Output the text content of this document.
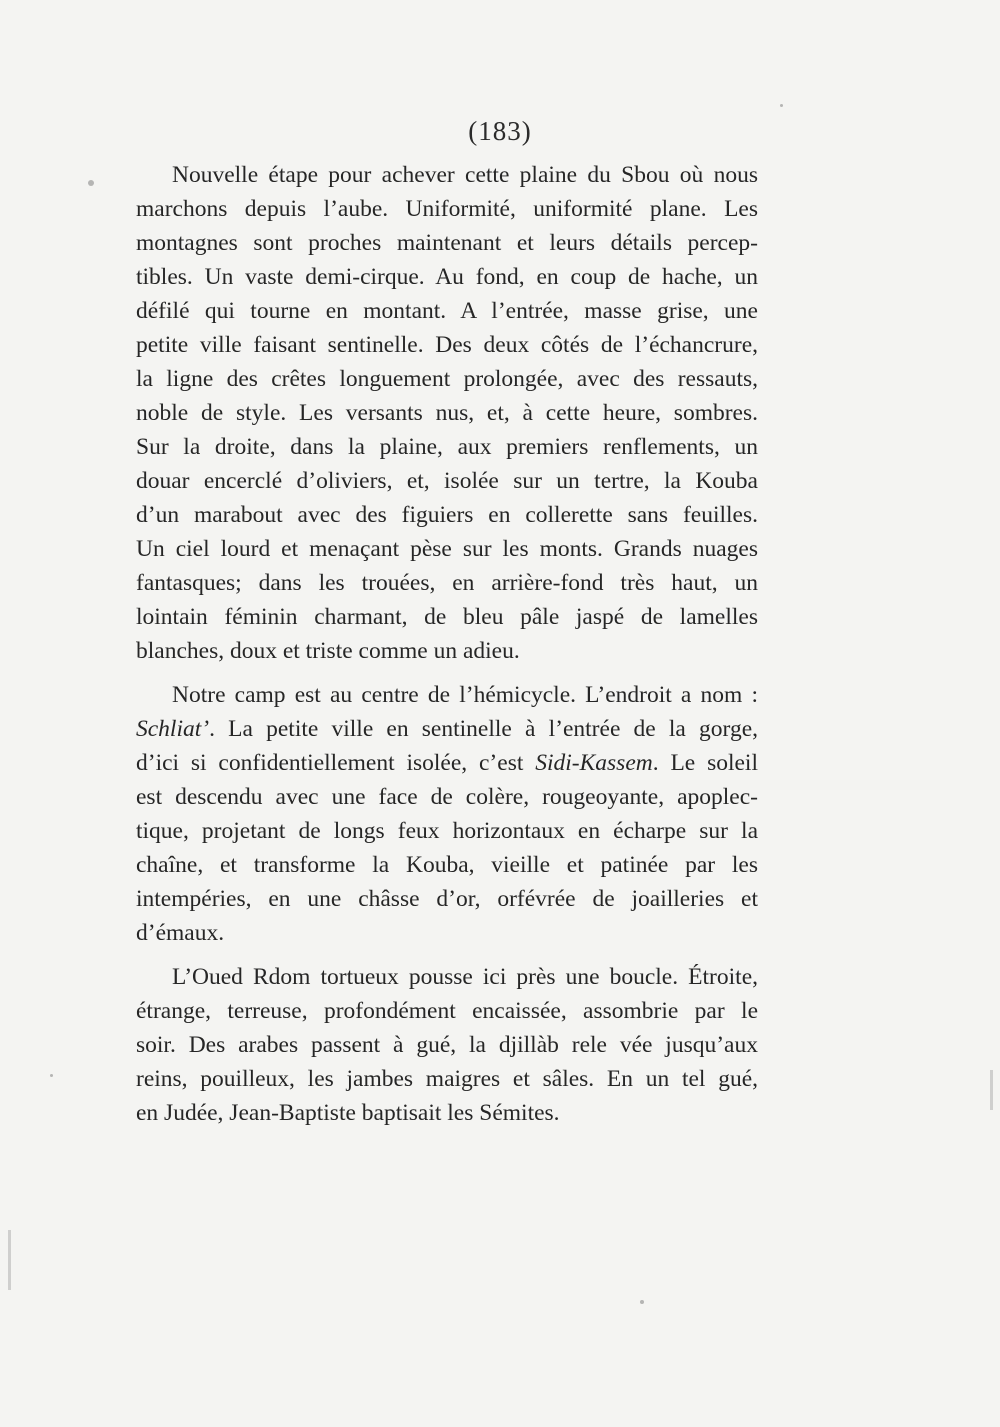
(183)
Nouvelle étape pour achever cette plaine du Sbou où nous
marchons depuis l’aube. Uniformité, uniformité plane. Les
montagnes sont proches maintenant et leurs détails percep-
tibles. Un vaste demi-cirque. Au fond, en coup de hache, un
défilé qui tourne en montant. A l’entrée, masse grise, une
petite ville faisant sentinelle. Des deux côtés de l’échancrure,
la ligne des crêtes longuement prolongée, avec des ressauts,
noble de style. Les versants nus, et, à cette heure, sombres.
Sur la droite, dans la plaine, aux premiers renflements, un
douar encerclé d’oliviers, et, isolée sur un tertre, la Kouba
d’un marabout avec des figuiers en collerette sans feuilles.
Un ciel lourd et menaçant pèse sur les monts. Grands nuages
fantasques; dans les trouées, en arrière-fond très haut, un
lointain féminin charmant, de bleu pâle jaspé de lamelles
blanches, doux et triste comme un adieu.
Notre camp est au centre de l’hémicycle. L’endroit a nom :
Schliat’. La petite ville en sentinelle à l’entrée de la gorge,
d’ici si confidentiellement isolée, c’est Sidi-Kassem. Le soleil
est descendu avec une face de colère, rougeoyante, apoplec-
tique, projetant de longs feux horizontaux en écharpe sur la
chaîne, et transforme la Kouba, vieille et patinée par les
intempéries, en une châsse d’or, orfévrée de joailleries et
d’émaux.
L’Oued Rdom tortueux pousse ici près une boucle. Étroite,
étrange, terreuse, profondément encaissée, assombrie par le
soir. Des arabes passent à gué, la djillàb rele vée jusqu’aux
reins, pouilleux, les jambes maigres et sâles. En un tel gué,
en Judée, Jean-Baptiste baptisait les Sémites.
